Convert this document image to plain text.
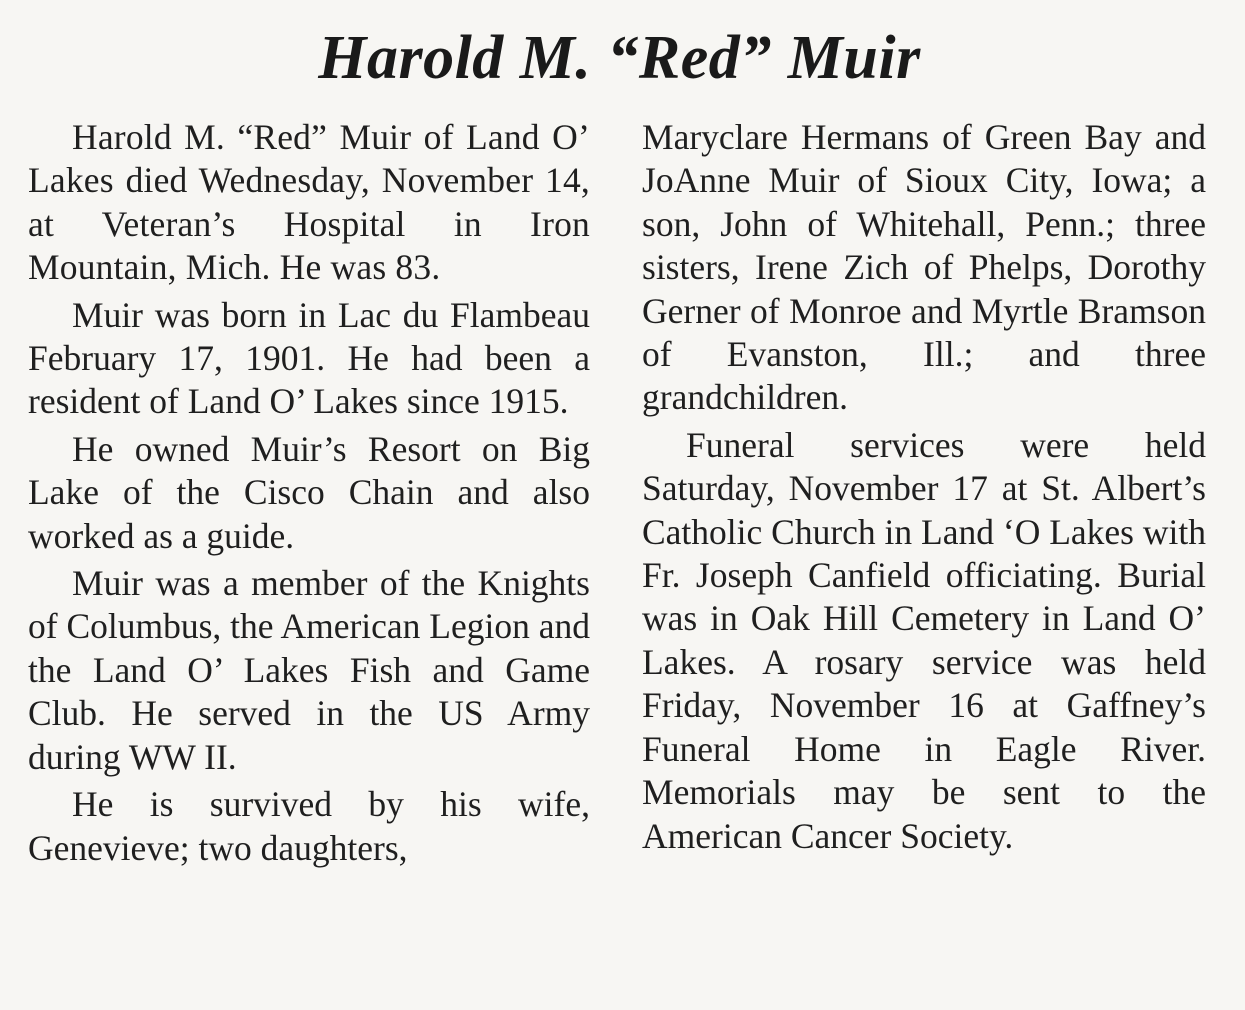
Harold M. “Red” Muir

Harold M. “Red” Muir of Land O’ Lakes died Wednesday, November 14, at Veteran’s Hospital in Iron Mountain, Mich. He was 83.

Muir was born in Lac du Flambeau February 17, 1901. He had been a resident of Land O’ Lakes since 1915.

He owned Muir’s Resort on Big Lake of the Cisco Chain and also worked as a guide.

Muir was a member of the Knights of Columbus, the American Legion and the Land O’ Lakes Fish and Game Club. He served in the US Army during WW II.

He is survived by his wife, Genevieve; two daughters,

Maryclare Hermans of Green Bay and JoAnne Muir of Sioux City, Iowa; a son, John of Whitehall, Penn.; three sisters, Irene Zich of Phelps, Dorothy Gerner of Monroe and Myrtle Bramson of Evanston, Ill.; and three grandchildren.

Funeral services were held Saturday, November 17 at St. Albert’s Catholic Church in Land ‘O Lakes with Fr. Joseph Canfield officiating. Burial was in Oak Hill Cemetery in Land O’ Lakes. A rosary service was held Friday, November 16 at Gaffney’s Funeral Home in Eagle River. Memorials may be sent to the American Cancer Society.
